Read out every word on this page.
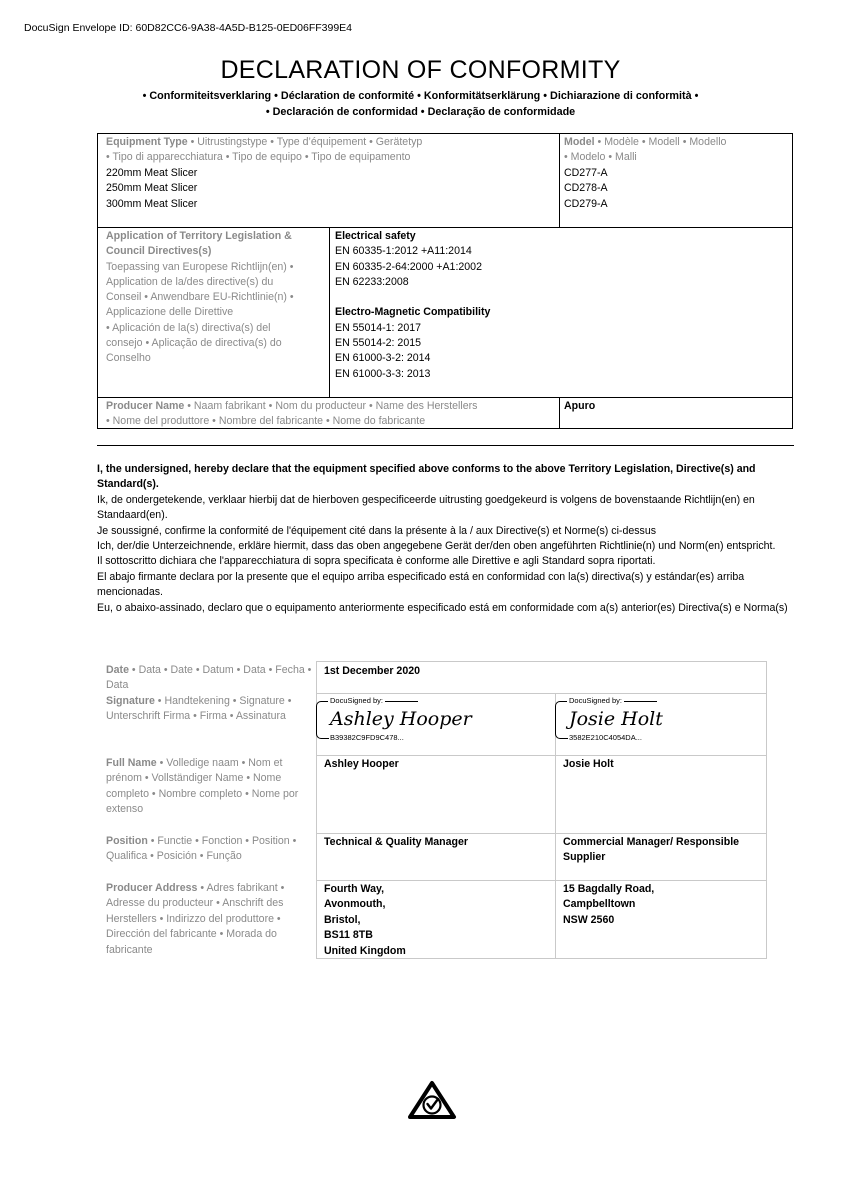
DocuSign Envelope ID: 60D82CC6-9A38-4A5D-B125-0ED06FF399E4
DECLARATION OF CONFORMITY
• Conformiteitsverklaring • Déclaration de conformité • Konformitätserklärung • Dichiarazione di conformità •
• Declaración de conformidad • Declaração de conformidade
Equipment Type • Uitrustingstype • Type d’équipement • Gerätetyp
• Tipo di apparecchiatura • Tipo de equipo • Tipo de equipamento
220mm Meat Slicer
250mm Meat Slicer
300mm Meat Slicer
Model • Modèle • Modell • Modello
• Modelo • Malli
CD277-A
CD278-A
CD279-A
Application of Territory Legislation &
Council Directives(s)
Toepassing van Europese Richtlijn(en) •
Application de la/des directive(s) du
Conseil • Anwendbare EU-Richtlinie(n) •
Applicazione delle Direttive
• Aplicación de la(s) directiva(s) del
consejo • Aplicação de directiva(s) do
Conselho
Electrical safety
EN 60335-1:2012 +A11:2014
EN 60335-2-64:2000 +A1:2002
EN 62233:2008
Electro-Magnetic Compatibility
EN 55014-1: 2017
EN 55014-2: 2015
EN 61000-3-2: 2014
EN 61000-3-3: 2013
Producer Name • Naam fabrikant • Nom du producteur • Name des Herstellers
• Nome del produttore • Nombre del fabricante • Nome do fabricante
Apuro

I, the undersigned, hereby declare that the equipment specified above conforms to the above Territory Legislation, Directive(s) and Standard(s).

Ik, de ondergetekende, verklaar hierbij dat de hierboven gespecificeerde uitrusting goedgekeurd is volgens de bovenstaande Richtlijn(en) en Standaard(en).

Je soussigné, confirme la conformité de l'équipement cité dans la présente à la / aux Directive(s) et Norme(s) ci-dessus

Ich, der/die Unterzeichnende, erkläre hiermit, dass das oben angegebene Gerät der/den oben angeführten Richtlinie(n) und Norm(en) entspricht.

Il sottoscritto dichiara che l'apparecchiatura di sopra specificata è conforme alle Direttive e agli Standard sopra riportati.

El abajo firmante declara por la presente que el equipo arriba especificado está en conformidad con la(s) directiva(s) y estándar(es) arriba mencionadas.

Eu, o abaixo-assinado, declaro que o equipamento anteriormente especificado está em conformidade com a(s) anterior(es) Directiva(s) e Norma(s)

Date • Data • Date • Datum • Data • Fecha • Data
Signature • Handtekening • Signature • Unterschrift Firma • Firma • Assinatura
Full Name • Volledige naam • Nom et prénom • Vollständiger Name • Nome completo • Nombre completo • Nome por extenso
Position • Functie • Fonction • Position • Qualifica • Posición • Função
Producer Address • Adres fabrikant • Adresse du producteur • Anschrift des Herstellers • Indirizzo del produttore • Dirección del fabricante • Morada do fabricante
1st December 2020
DocuSigned by:
Ashley Hooper
B39382C9FD9C478...
DocuSigned by:
Josie Holt
3582E210C4054DA...
Ashley Hooper	Josie Holt
Technical & Quality Manager	Commercial Manager/ Responsible
Supplier
Fourth Way,
Avonmouth,
Bristol,
BS11 8TB
United Kingdom
15 Bagdally Road,
Campbelltown
NSW 2560
